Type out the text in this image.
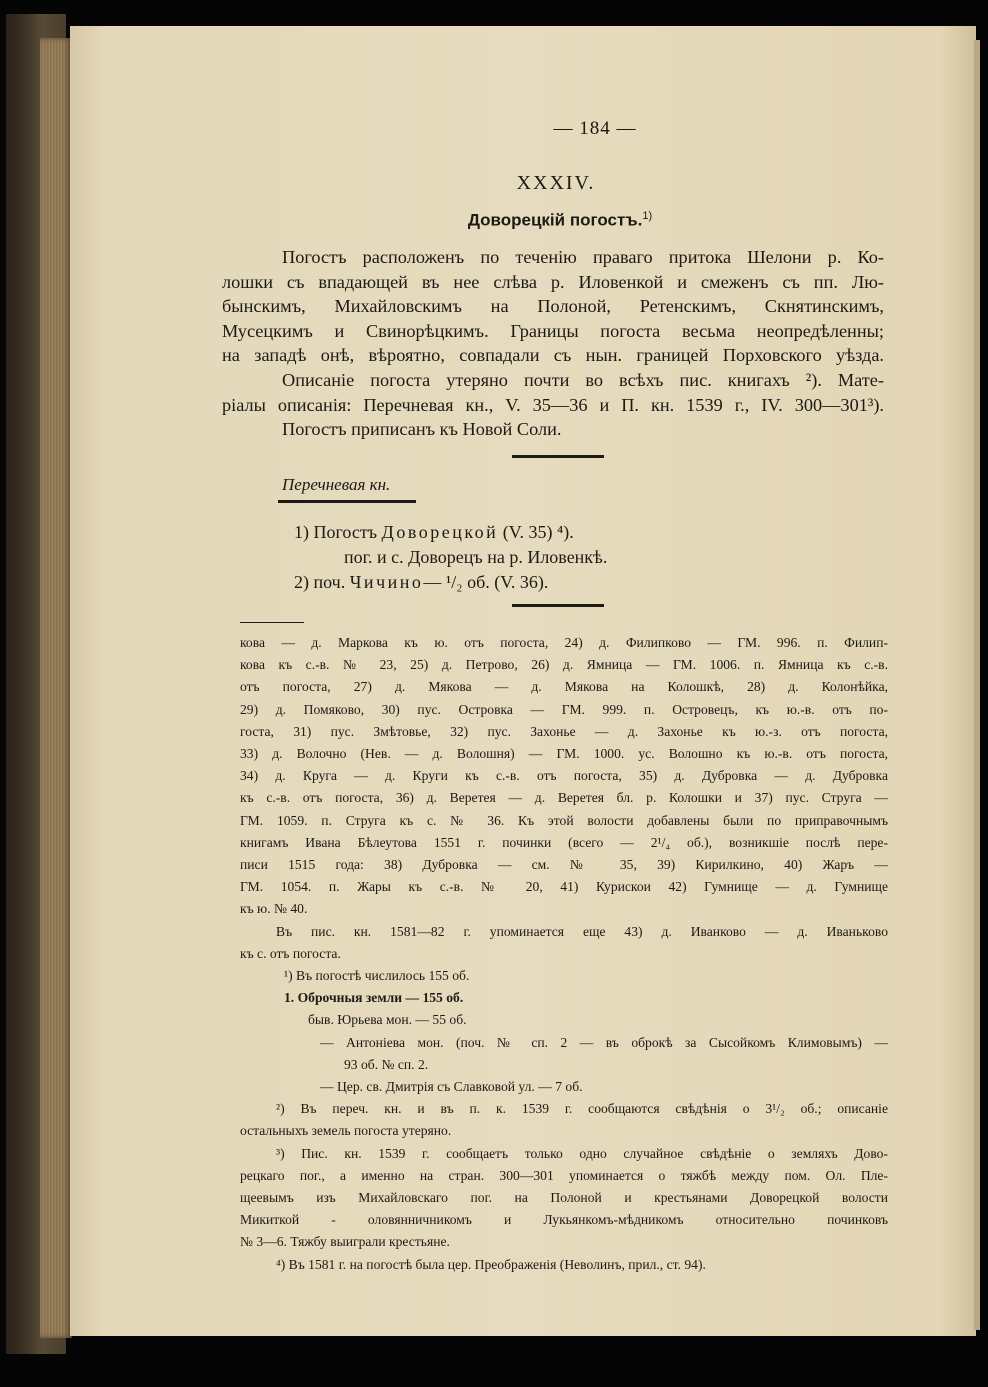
— 184 —
XXXIV.
Доворецкій погостъ.$^{1)}$
Погостъ расположенъ по теченію праваго притока Шелони р. Ко-
лошки съ впадающей въ нее слѣва р. Иловенкой и смеженъ съ пп. Лю-
бынскимъ, Михайловскимъ на Полоной, Ретенскимъ, Скнятинскимъ,
Мусецкимъ и Свинорѣцкимъ. Границы погоста весьма неопредѣленны;
на западѣ онѣ, вѣроятно, совпадали съ нын. границей Порховского уѣзда.
Описаніе погоста утеряно почти во всѣхъ пис. книгахъ ²). Мате-
ріалы описанія: Перечневая кн., V. 35—36 и П. кн. 1539 г., IV. 300—301³).
Погостъ приписанъ къ Новой Соли.
Перечневая кн.
1) Погостъ Доворецкой (V. 35) ⁴).
пог. и с. Доворецъ на р. Иловенкѣ.
2) поч. Чичино— ¹/₂ об. (V. 36).
кова — д. Маркова къ ю. отъ погоста, 24) д. Филипково — ГМ. 996. п. Филип-
кова къ с.-в. № 23, 25) д. Петрово, 26) д. Ямница — ГМ. 1006. п. Ямница къ с.-в.
отъ погоста, 27) д. Мякова — д. Мякова на Колошкѣ, 28) д. Колонѣйка,
29) д. Помяково, 30) пус. Островка — ГМ. 999. п. Островецъ, къ ю.-в. отъ по-
госта, 31) пус. Змѣтовье, 32) пус. Захонье — д. Захонье къ ю.-з. отъ погоста,
33) д. Волочно (Нев. — д. Волошня) — ГМ. 1000. ус. Волошно къ ю.-в. отъ погоста,
34) д. Круга — д. Круги къ с.-в. отъ погоста, 35) д. Дубровка — д. Дубровка
къ с.-в. отъ погоста, 36) д. Веретея — д. Веретея бл. р. Колошки и 37) пус. Струга —
ГМ. 1059. п. Струга къ с. № 36. Къ этой волости добавлены были по приправочнымъ
книгамъ Ивана Бѣлеутова 1551 г. починки (всего — 2¹/₄ об.), возникшіе послѣ пере-
писи 1515 года: 38) Дубровка — см. № 35, 39) Кирилкино, 40) Жаръ —
ГМ. 1054. п. Жары къ с.-в. № 20, 41) Курискои 42) Гумнище — д. Гумнище
къ ю. № 40.
Въ пис. кн. 1581—82 г. упоминается еще 43) д. Иванково — д. Иваньково
къ с. отъ погоста.
¹) Въ погостѣ числилось 155 об.
1. Оброчныя земли — 155 об.
быв. Юрьева мон. — 55 об.
— Антоніева мон. (поч. № сп. 2 — въ оброкѣ за Сысойкомъ Климовымъ) —
93 об. № сп. 2.
— Цер. св. Дмитрія съ Славковой ул. — 7 об.
²) Въ переч. кн. и въ п. к. 1539 г. сообщаются свѣдѣнія о 3¹/₂ об.; описаніе
остальныхъ земель погоста утеряно.
³) Пис. кн. 1539 г. сообщаетъ только одно случайное свѣдѣніе о земляхъ Дово-
рецкаго пог., а именно на стран. 300—301 упоминается о тяжбѣ между пом. Ол. Пле-
щеевымъ изъ Михайловскаго пог. на Полоной и крестьянами Доворецкой волости
Микиткой - оловянничникомъ и Лукьянкомъ-мѣдникомъ относительно починковъ
№ 3—6. Тяжбу выиграли крестьяне.
⁴) Въ 1581 г. на погостѣ была цер. Преображенія (Неволинъ, прил., ст. 94).
